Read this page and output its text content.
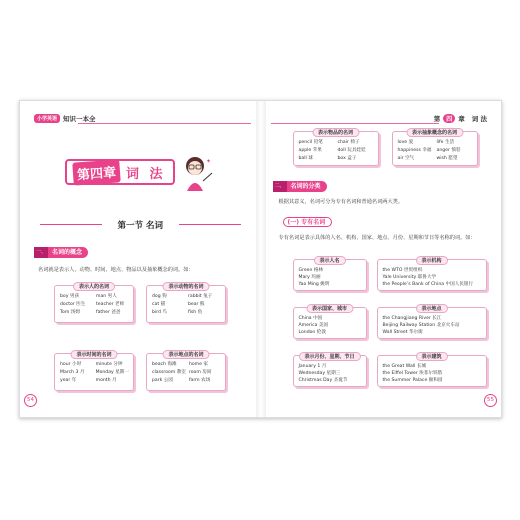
小学英语 知识一本全
第四章 词 法
✦
第一节 名词
一、	名词的概念
名词就是表示人、动物、时间、地点、物品以及抽象概念的词。如：
表示人的名词
boy 男孩	man 男人
doctor 医生	teacher 老师
Tom 汤姆	father 爸爸
表示动物的名词
dog 狗	rabbit 兔子
cat 猫	bear 熊
bird 鸟	fish 鱼
表示时间的名词
hour 小时	minute 分钟
March 3 月	Monday 星期一
year 年	month 月
表示地点的名词
beach 海滩	home 家
classroom 教室 room 房间
park 公园	farm 农场
54
第	四 章 词 法
表示物品的名词
pencil 铅笔	chair 椅子
apple 苹果	doll 玩具娃娃
ball 球	box 盒子
表示抽象概念的名词
love 爱	life 生活
happiness 幸福	anger 愤怒
air 空气	wish 愿望
二、	名词的分类
根据其意义，名词可分为专有名词和普通名词两大类。
(一) 专有名词
专有名词是表示具体的人名、机构、国家、地点、月份、星期和节日等名称的词。如：
表示人名
Green 格林
Mary 玛丽
Yao Ming 姚明
表示机构
the WTO 世贸组织
Yale University 耶鲁大学
the People’s Bank of China 中国人民银行
表示国家、城市
China 中国
America 美国
London 伦敦
表示地点
the Changjiang River 长江
Beijing Railway Station 北京火车站
Wall Street 华尔街
表示月份、星期、节日
January 1 月
Wednesday 星期三
Christmas Day 圣诞节
表示建筑
the Great Wall 长城
the Eiffel Tower 埃菲尔铁塔
the Summer Palace 颐和园
55
